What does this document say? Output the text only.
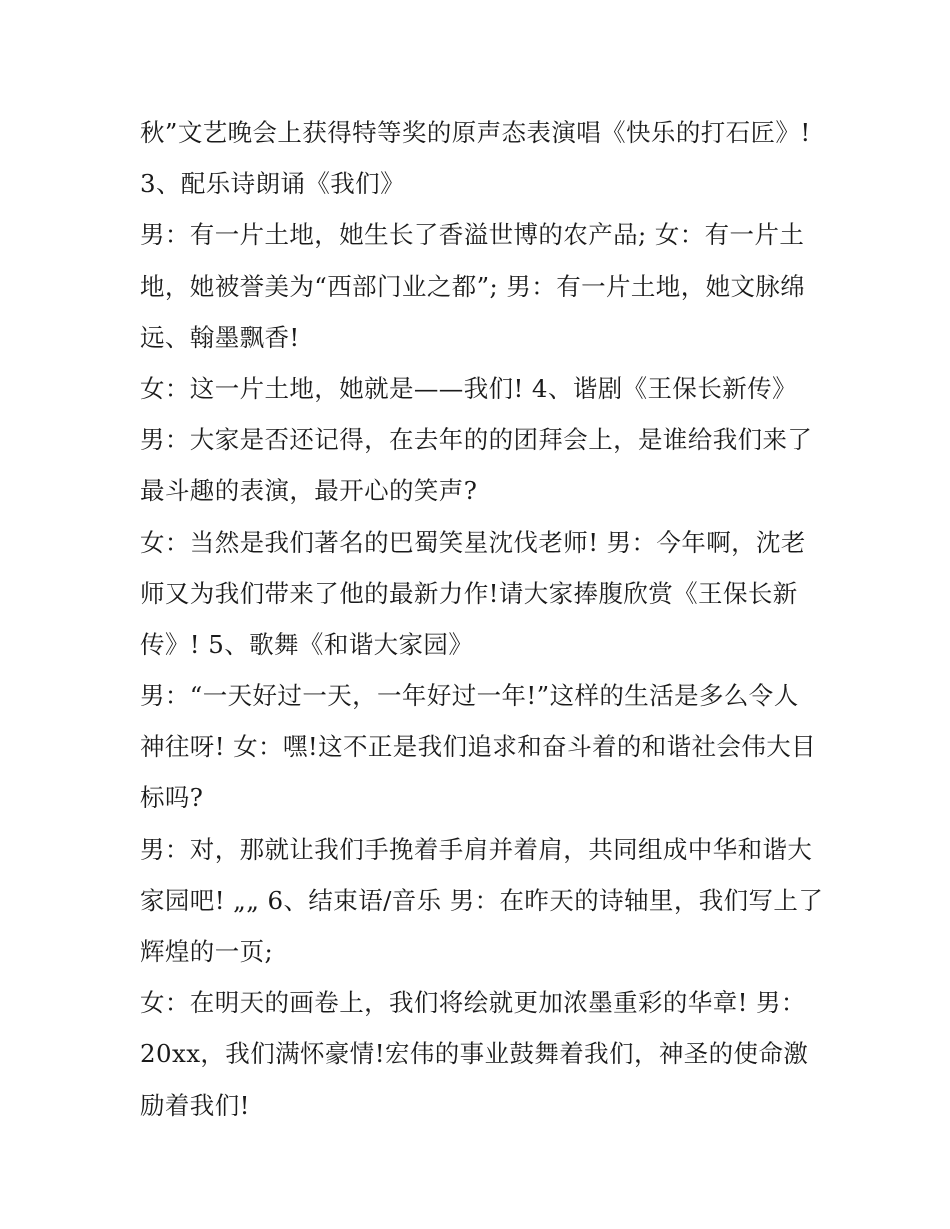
秋”文艺晚会上获得特等奖的原声态表演唱《快乐的打石匠》!
3、配乐诗朗诵《我们》
男：有一片土地，她生长了香溢世博的农产品; 女：有一片土
地，她被誉美为“西部门业之都”; 男：有一片土地，她文脉绵
远、翰墨飘香!
女：这一片土地，她就是——我们! 4、谐剧《王保长新传》
男：大家是否还记得，在去年的的团拜会上，是谁给我们来了
最斗趣的表演，最开心的笑声?
女：当然是我们著名的巴蜀笑星沈伐老师! 男：今年啊，沈老
师又为我们带来了他的最新力作!请大家捧腹欣赏《王保长新
传》! 5、歌舞《和谐大家园》
男：“一天好过一天，一年好过一年!”这样的生活是多么令人
神往呀! 女：嘿!这不正是我们追求和奋斗着的和谐社会伟大目
标吗?
男：对，那就让我们手挽着手肩并着肩，共同组成中华和谐大
家园吧! „„ 6、结束语/音乐 男：在昨天的诗轴里，我们写上了
辉煌的一页;
女：在明天的画卷上，我们将绘就更加浓墨重彩的华章! 男：
20xx，我们满怀豪情!宏伟的事业鼓舞着我们，神圣的使命激
励着我们!
